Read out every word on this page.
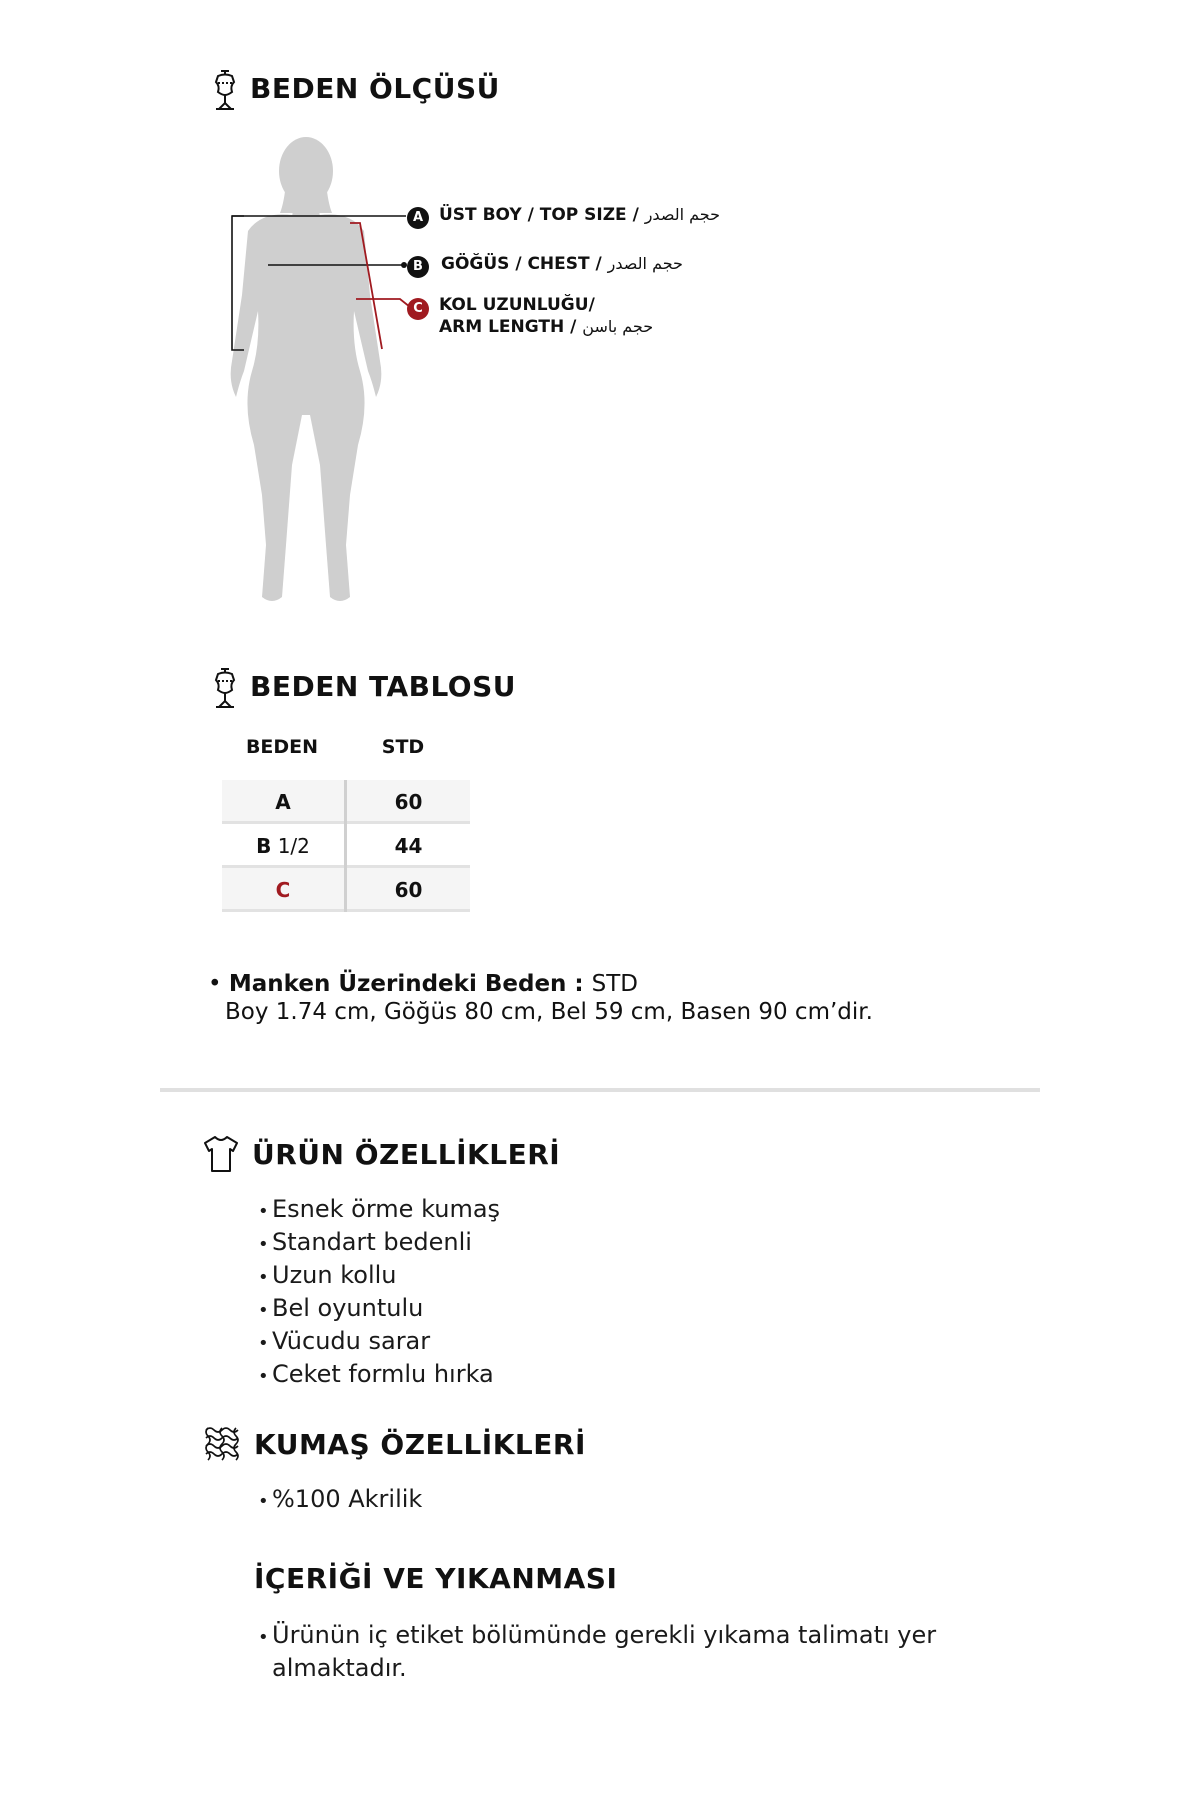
BEDEN ÖLÇÜSÜ
A ÜST BOY / TOP SIZE / حجم الصدر
B	GÖĞÜS / CHEST / حجم الصدر
C KOL UZUNLUĞU/
ARM LENGTH / حجم باسن
BEDEN TABLOSU
BEDEN	STD
A	60
B 1/2	44
C	60
• Manken Üzerindeki Beden : STD
Boy 1.74 cm, Göğüs 80 cm, Bel 59 cm, Basen 90 cm’dir.
ÜRÜN ÖZELLİKLERİ
• Esnek örme kumaş
• Standart bedenli
• Uzun kollu
• Bel oyuntulu
• Vücudu sarar
• Ceket formlu hırka
KUMAŞ ÖZELLİKLERİ
• %100 Akrilik
İÇERİĞİ VE YIKANMASI
• Ürünün iç etiket bölümünde gerekli yıkama talimatı yer almaktadır.
